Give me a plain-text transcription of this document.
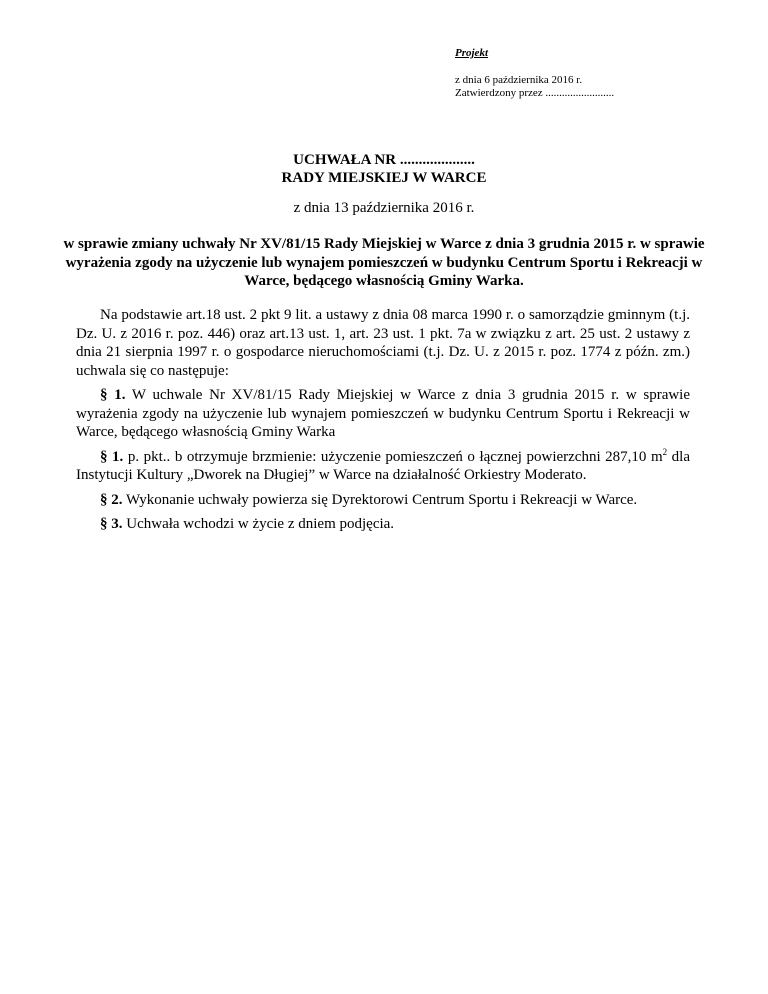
Projekt
z dnia 6 października 2016 r.
Zatwierdzony przez .........................
UCHWAŁA NR ....................
RADY MIEJSKIEJ W WARCE
z dnia 13 października 2016 r.
w sprawie zmiany uchwały Nr XV/81/15 Rady Miejskiej w Warce z dnia 3 grudnia 2015 r. w sprawie wyrażenia zgody na użyczenie lub wynajem pomieszczeń w budynku Centrum Sportu i Rekreacji w Warce, będącego własnością Gminy Warka.

Na podstawie art.18 ust. 2 pkt 9 lit. a ustawy z dnia 08 marca 1990 r. o samorządzie gminnym (t.j. Dz. U. z 2016 r. poz. 446) oraz art.13 ust. 1, art. 23 ust. 1 pkt. 7a w związku z art. 25 ust. 2 ustawy z dnia 21 sierpnia 1997 r. o gospodarce nieruchomościami (t.j. Dz. U. z 2015 r. poz. 1774 z późn. zm.) uchwala się co następuje:

§ 1. W uchwale Nr XV/81/15 Rady Miejskiej w Warce z dnia 3 grudnia 2015 r. w sprawie wyrażenia zgody na użyczenie lub wynajem pomieszczeń w budynku Centrum Sportu i Rekreacji w Warce, będącego własnością Gminy Warka

§ 1. p. pkt.. b otrzymuje brzmienie: użyczenie pomieszczeń o łącznej powierzchni 287,10 $m^2$ dla Instytucji Kultury „Dworek na Długiej” w Warce na działalność Orkiestry Moderato.

§ 2. Wykonanie uchwały powierza się Dyrektorowi Centrum Sportu i Rekreacji w Warce.

§ 3. Uchwała wchodzi w życie z dniem podjęcia.
